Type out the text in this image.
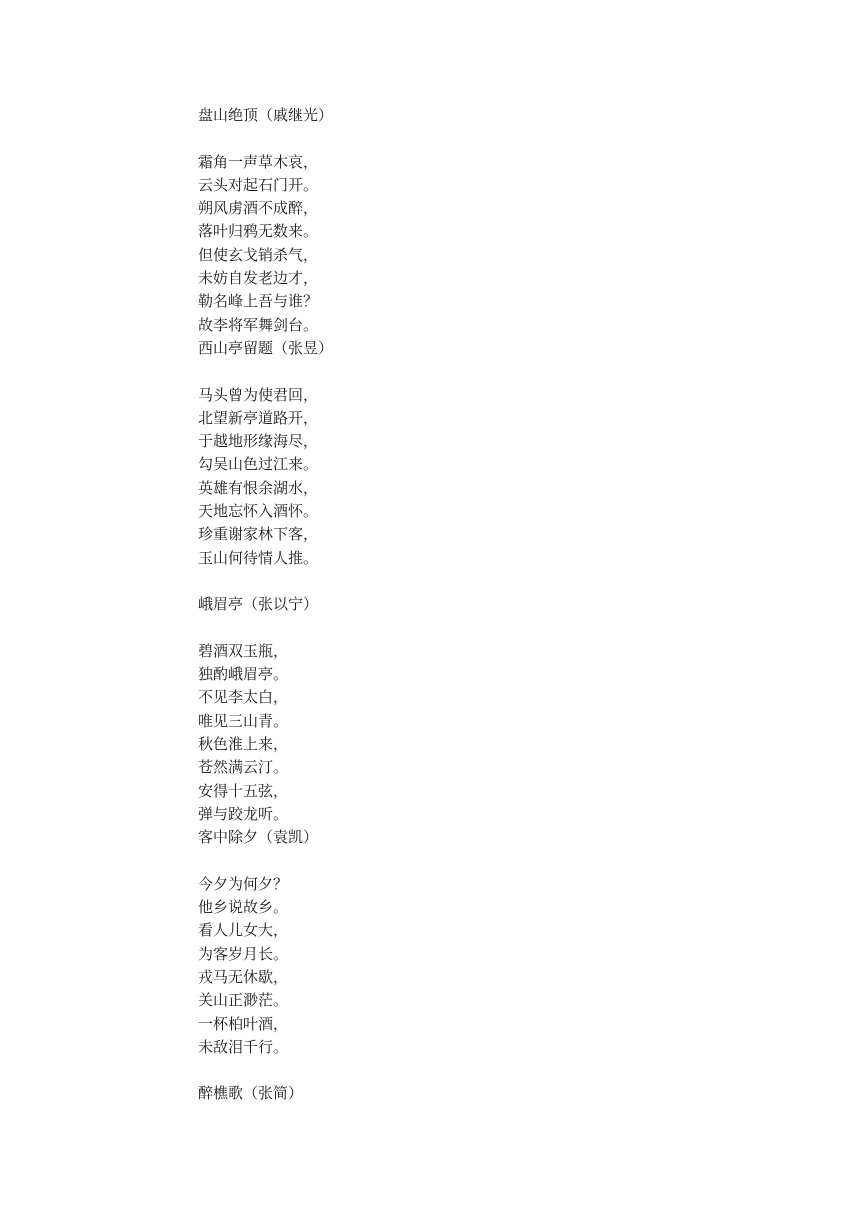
盘山绝顶（戚继光）
霜角一声草木哀，
云头对起石门开。
朔风虏酒不成醉，
落叶归鸦无数来。
但使玄戈销杀气，
未妨自发老边才，
勒名峰上吾与谁？
故李将军舞剑台。
西山亭留题（张昱）
马头曾为使君回，
北望新亭道路开，
于越地形缘海尽，
勾吴山色过江来。
英雄有恨余湖水，
天地忘怀入酒怀。
珍重谢家林下客，
玉山何待情人推。
峨眉亭（张以宁）
碧酒双玉瓶，
独酌峨眉亭。
不见李太白，
唯见三山青。
秋色淮上来，
苍然满云汀。
安得十五弦，
弹与跤龙听。
客中除夕（袁凯）
今夕为何夕？
他乡说故乡。
看人儿女大，
为客岁月长。
戎马无休歇，
关山正渺茫。
一杯柏叶酒，
未敌泪千行。
醉樵歌（张简）
